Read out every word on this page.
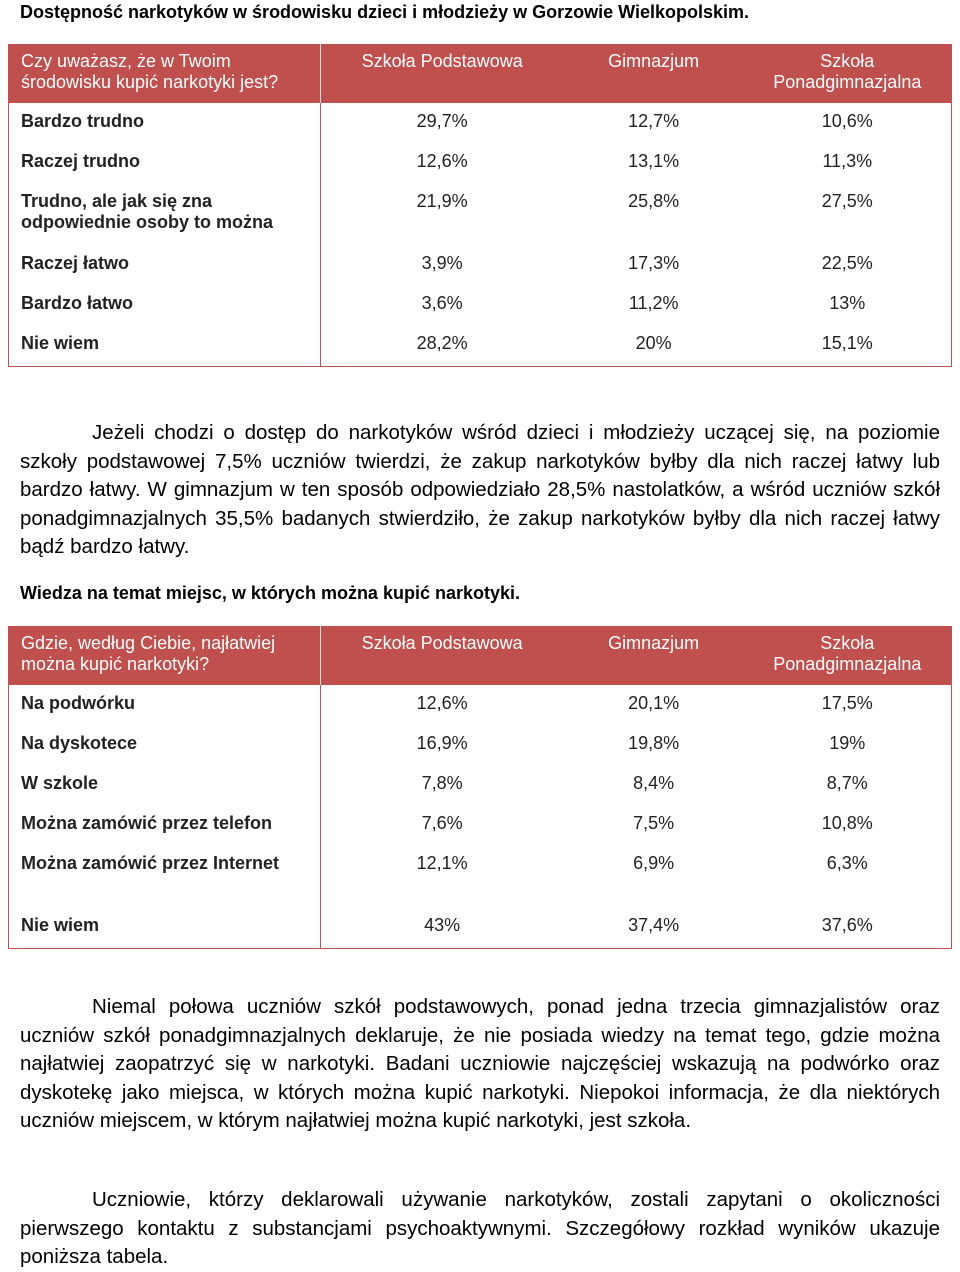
Dostępność narkotyków w środowisku dzieci i młodzieży w Gorzowie Wielkopolskim.
Czy uważasz, że w Twoim środowisku kupić narkotyki jest?	Szkoła Podstawowa	Gimnazjum	Szkoła Ponadgimnazjalna
Bardzo trudno	29,7%	12,7%	10,6%
Raczej trudno	12,6%	13,1%	11,3%
Trudno, ale jak się zna odpowiednie osoby to można	21,9%	25,8%	27,5%
Raczej łatwo	3,9%	17,3%	22,5%
Bardzo łatwo	3,6%	11,2%	13%
Nie wiem	28,2%	20%	15,1%
Jeżeli chodzi o dostęp do narkotyków wśród dzieci i młodzieży uczącej się, na poziomie szkoły podstawowej 7,5% uczniów twierdzi, że zakup narkotyków byłby dla nich raczej łatwy lub bardzo łatwy. W gimnazjum w ten sposób odpowiedziało 28,5% nastolatków, a wśród uczniów szkół ponadgimnazjalnych 35,5% badanych stwierdziło, że zakup narkotyków byłby dla nich raczej łatwy bądź bardzo łatwy.
Wiedza na temat miejsc, w których można kupić narkotyki.
Gdzie, według Ciebie, najłatwiej można kupić narkotyki?	Szkoła Podstawowa	Gimnazjum	Szkoła Ponadgimnazjalna
Na podwórku	12,6%	20,1%	17,5%
Na dyskotece	16,9%	19,8%	19%
W szkole	7,8%	8,4%	8,7%
Można zamówić przez telefon	7,6%	7,5%	10,8%
Można zamówić przez Internet	12,1%	6,9%	6,3%
Nie wiem	43%	37,4%	37,6%
Niemal połowa uczniów szkół podstawowych, ponad jedna trzecia gimnazjalistów oraz uczniów szkół ponadgimnazjalnych deklaruje, że nie posiada wiedzy na temat tego, gdzie można najłatwiej zaopatrzyć się w narkotyki. Badani uczniowie najczęściej wskazują na podwórko oraz dyskotekę jako miejsca, w których można kupić narkotyki. Niepokoi informacja, że dla niektórych uczniów miejscem, w którym najłatwiej można kupić narkotyki, jest szkoła.
Uczniowie, którzy deklarowali używanie narkotyków, zostali zapytani o okoliczności pierwszego kontaktu z substancjami psychoaktywnymi. Szczegółowy rozkład wyników ukazuje poniższa tabela.
